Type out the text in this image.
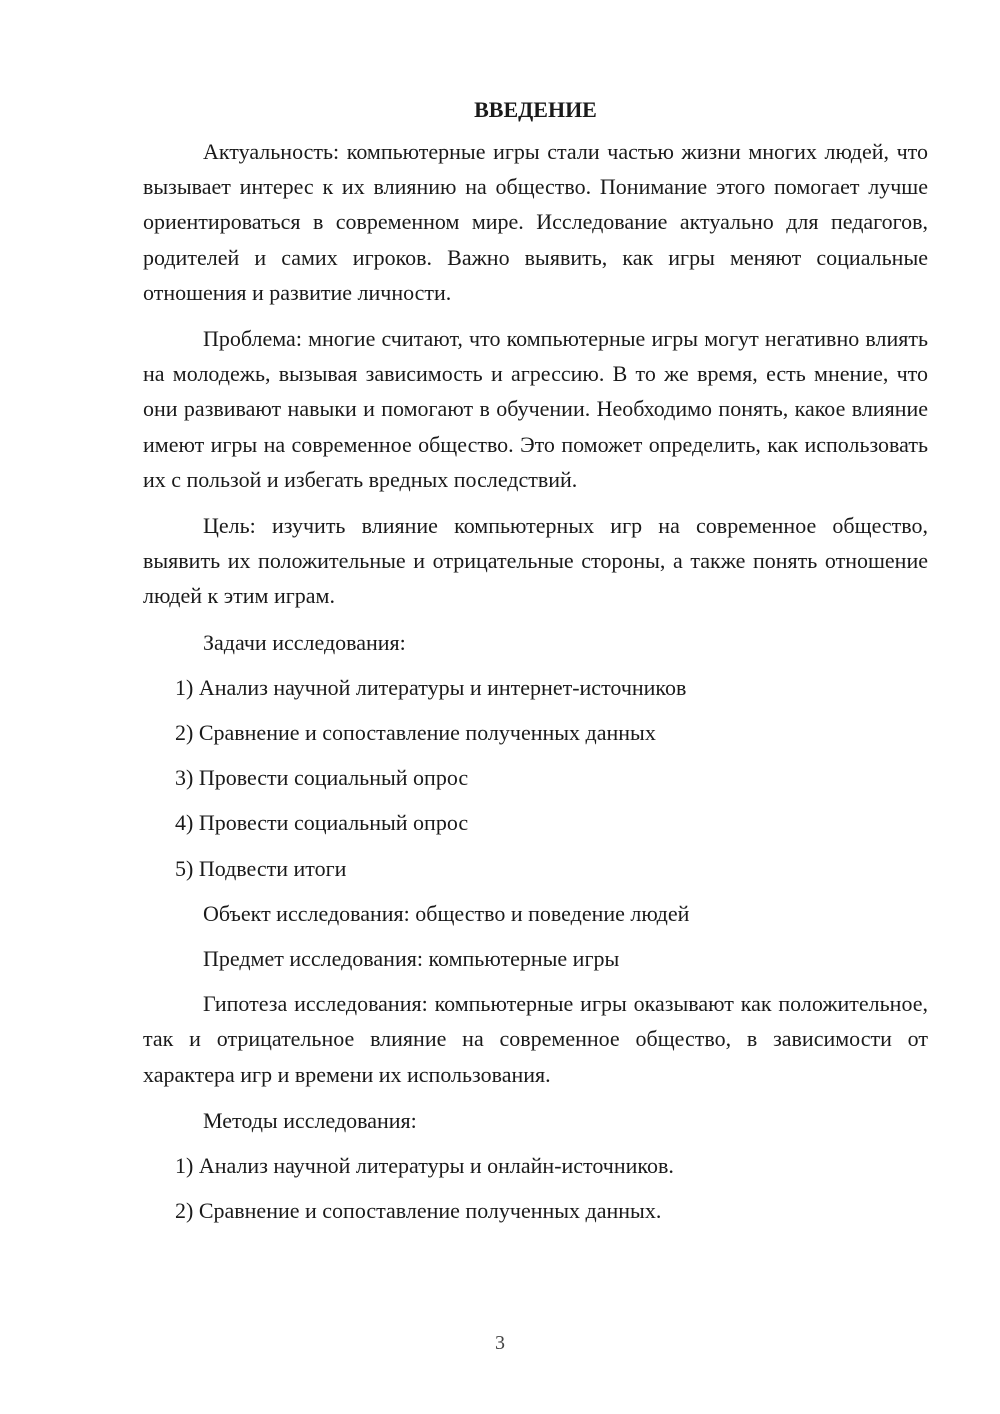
ВВЕДЕНИЕ

Актуальность: компьютерные игры стали частью жизни многих людей, что вызывает интерес к их влиянию на общество. Понимание этого помогает лучше ориентироваться в современном мире. Исследование актуально для педагогов, родителей и самих игроков. Важно выявить, как игры меняют социальные отношения и развитие личности.

Проблема: многие считают, что компьютерные игры могут негативно влиять на молодежь, вызывая зависимость и агрессию. В то же время, есть мнение, что они развивают навыки и помогают в обучении. Необходимо понять, какое влияние имеют игры на современное общество. Это поможет определить, как использовать их с пользой и избегать вредных последствий.

Цель: изучить влияние компьютерных игр на современное общество, выявить их положительные и отрицательные стороны, а также понять отношение людей к этим играм.

Задачи исследования:
1) Анализ научной литературы и интернет-источников
2) Сравнение и сопоставление полученных данных
3) Провести социальный опрос
4) Провести социальный опрос
5) Подвести итоги
Объект исследования: общество и поведение людей
Предмет исследования: компьютерные игры

Гипотеза исследования: компьютерные игры оказывают как положительное, так и отрицательное влияние на современное общество, в зависимости от характера игр и времени их использования.

Методы исследования:
1) Анализ научной литературы и онлайн-источников.
2) Сравнение и сопоставление полученных данных.
3
